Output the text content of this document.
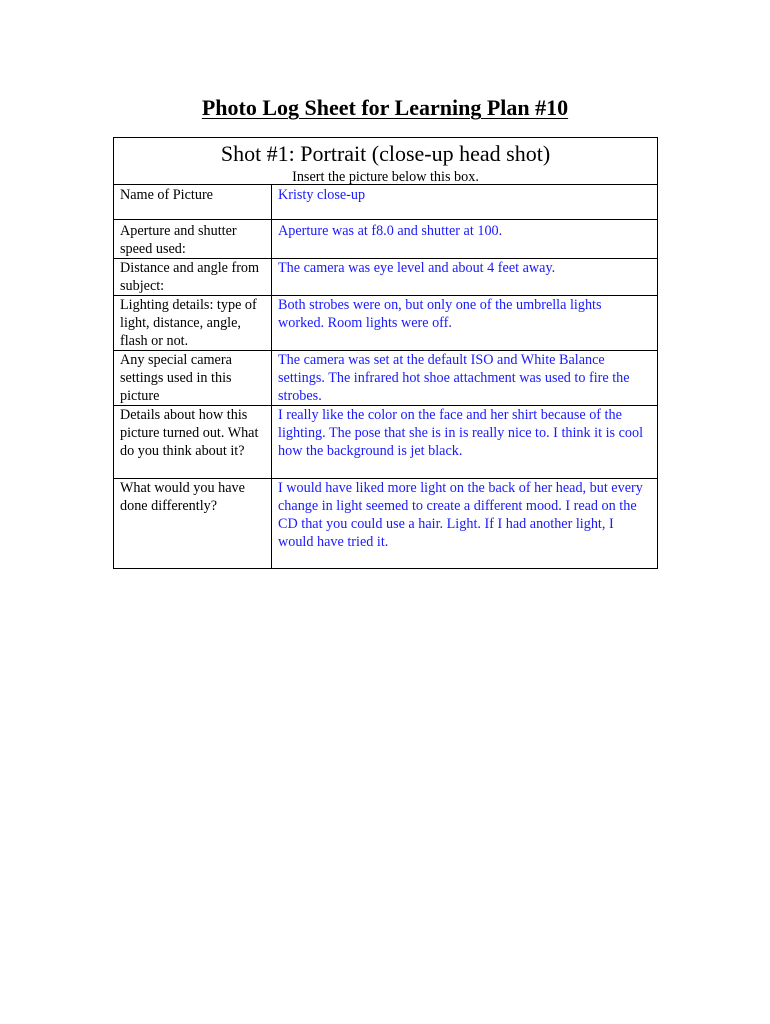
Photo Log Sheet for Learning Plan #10
Shot #1: Portrait (close-up head shot)
Insert the picture below this box.	

Name of Picture	Kristy close-up
Aperture and shutter speed used:	Aperture was at f8.0 and shutter at 100.
Distance and angle from subject:	The camera was eye level and about 4 feet away.
Lighting details: type of light, distance, angle, flash or not.	Both strobes were on, but only one of the umbrella lights worked. Room lights were off.
Any special camera settings used in this picture	The camera was set at the default ISO and White Balance settings. The infrared hot shoe attachment was used to fire the strobes.
Details about how this picture turned out. What do you think about it?	I really like the color on the face and her shirt because of the lighting. The pose that she is in is really nice to. I think it is cool how the background is jet black.
What would you have done differently?	I would have liked more light on the back of her head, but every change in light seemed to create a different mood. I read on the CD that you could use a hair. Light. If I had another light, I would have tried it.
